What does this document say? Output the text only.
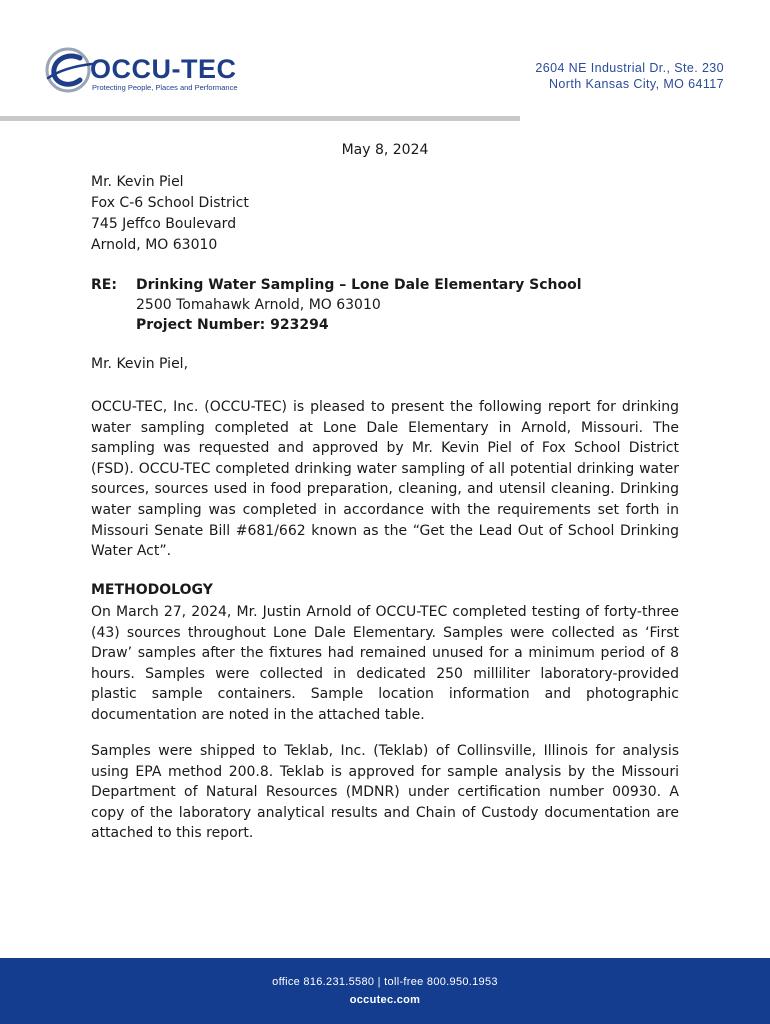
OCCU-TEC
Protecting People, Places and Performance
2604 NE Industrial Dr., Ste. 230
North Kansas City, MO 64117
May 8, 2024
Mr. Kevin Piel
Fox C-6 School District
745 Jeffco Boulevard
Arnold, MO 63010
RE: Drinking Water Sampling – Lone Dale Elementary School
2500 Tomahawk Arnold, MO 63010
Project Number: 923294
Mr. Kevin Piel,

OCCU-TEC, Inc. (OCCU-TEC) is pleased to present the following report for drinking water sampling completed at Lone Dale Elementary in Arnold, Missouri. The sampling was requested and approved by Mr. Kevin Piel of Fox School District (FSD). OCCU-TEC completed drinking water sampling of all potential drinking water sources, sources used in food preparation, cleaning, and utensil cleaning. Drinking water sampling was completed in accordance with the requirements set forth in Missouri Senate Bill #681/662 known as the “Get the Lead Out of School Drinking Water Act”.

METHODOLOGY

On March 27, 2024, Mr. Justin Arnold of OCCU-TEC completed testing of forty-three (43) sources throughout Lone Dale Elementary. Samples were collected as ‘First Draw’ samples after the fixtures had remained unused for a minimum period of 8 hours. Samples were collected in dedicated 250 milliliter laboratory-provided plastic sample containers. Sample location information and photographic documentation are noted in the attached table.

Samples were shipped to Teklab, Inc. (Teklab) of Collinsville, Illinois for analysis using EPA method 200.8. Teklab is approved for sample analysis by the Missouri Department of Natural Resources (MDNR) under certification number 00930. A copy of the laboratory analytical results and Chain of Custody documentation are attached to this report.

office 816.231.5580 | toll-free 800.950.1953
occutec.com
